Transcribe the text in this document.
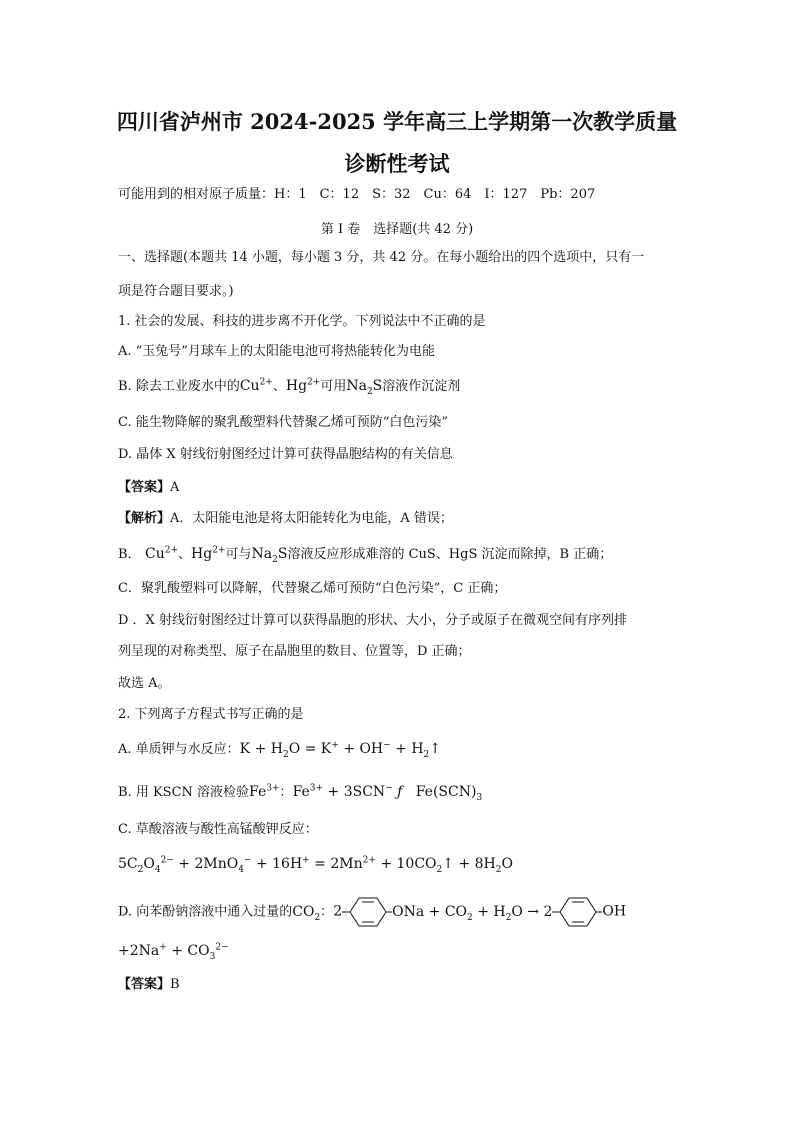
四川省泸州市 2024-2025 学年高三上学期第一次教学质量
诊断性考试
可能用到的相对原子质量：H：1　C：12　S：32　Cu：64　I：127　Pb：207
第 I 卷　选择题(共 42 分)
一、选择题(本题共 14 小题，每小题 3 分，共 42 分。在每小题给出的四个选项中，只有一
项是符合题目要求。)
1. 社会的发展、科技的进步离不开化学。下列说法中不正确的是
A. “玉兔号”月球车上的太阳能电池可将热能转化为电能
B. 除去工业废水中的$Cu^{2+}$、$Hg^{2+}$可用$Na_2S$溶液作沉淀剂
C. 能生物降解的聚乳酸塑料代替聚乙烯可预防“白色污染”
D. 晶体 X 射线衍射图经过计算可获得晶胞结构的有关信息
【答案】A
【解析】A．太阳能电池是将太阳能转化为电能，A 错误；
B． $Cu^{2+}$、$Hg^{2+}$可与$Na_2S$溶液反应形成难溶的 CuS、HgS 沉淀而除掉，B 正确；
C．聚乳酸塑料可以降解，代替聚乙烯可预防“白色污染”，C 正确；
D ．X 射线衍射图经过计算可以获得晶胞的形状、大小，分子或原子在微观空间有序列排
列呈现的对称类型、原子在晶胞里的数目、位置等，D 正确；
故选 A。
2. 下列离子方程式书写正确的是
A. 单质钾与水反应：$K + H_2O = K^+ + OH^-$ + $H_2↑$
B. 用 KSCN 溶液检验$Fe^{3+}$：$Fe^{3+} + 3SCN^-$ ƒ $Fe(SCN)_3$
C. 草酸溶液与酸性高锰酸钾反应：
$5C_2O_4^{2-} + 2MnO_4^- + 16H^+ = 2Mn^{2+}$ + $10CO_2↑ + 8H_2O$
D. 向苯酚钠溶液中通入过量的$CO_2$：2	ONa + $CO_2 + H_2O \to 2$	OH
$+2Na^+ + CO_3^{2-}$
【答案】B
